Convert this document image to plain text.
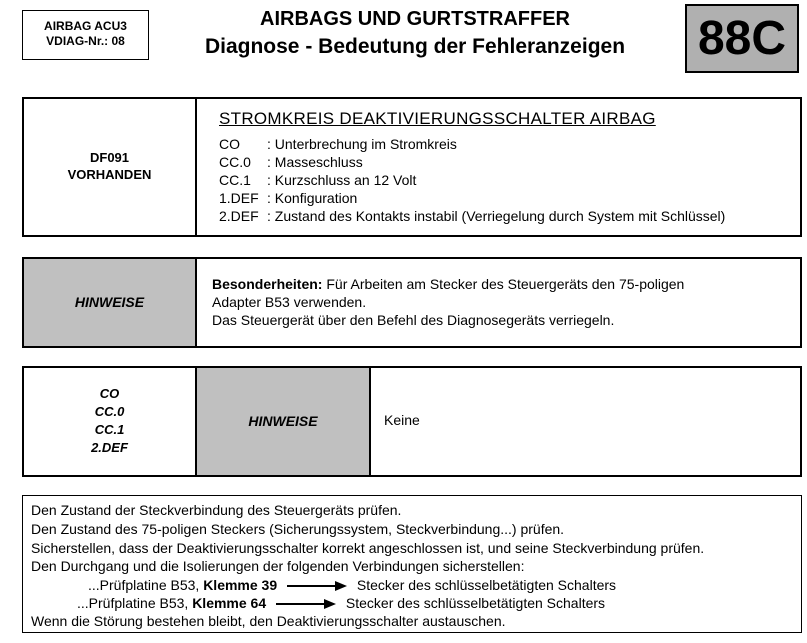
AIRBAG ACU3
VDIAG-Nr.: 08
AIRBAGS UND GURTSTRAFFER
Diagnose - Bedeutung der Fehleranzeigen	88C
DF091
VORHANDEN
STROMKREIS DEAKTIVIERUNGSSCHALTER AIRBAG
CO : Unterbrechung im Stromkreis
CC.0 : Masseschluss
CC.1 : Kurzschluss an 12 Volt
1.DEF : Konfiguration
2.DEF : Zustand des Kontakts instabil (Verriegelung durch System mit Schlüssel)
HINWEISE
Besonderheiten: Für Arbeiten am Stecker des Steuergeräts den 75-poligen
Adapter B53 verwenden.
Das Steuergerät über den Befehl des Diagnosegeräts verriegeln.
CO
CC.0
CC.1
2.DEF
HINWEISE	Keine
Den Zustand der Steckverbindung des Steuergeräts prüfen.
Den Zustand des 75-poligen Steckers (Sicherungssystem, Steckverbindung...) prüfen.
Sicherstellen, dass der Deaktivierungsschalter korrekt angeschlossen ist, und seine Steckverbindung prüfen.
Den Durchgang und die Isolierungen der folgenden Verbindungen sicherstellen:
...Prüfplatine B53, Klemme 39	Stecker des schlüsselbetätigten Schalters
...Prüfplatine B53, Klemme 64	Stecker des schlüsselbetätigten Schalters
Wenn die Störung bestehen bleibt, den Deaktivierungsschalter austauschen.
